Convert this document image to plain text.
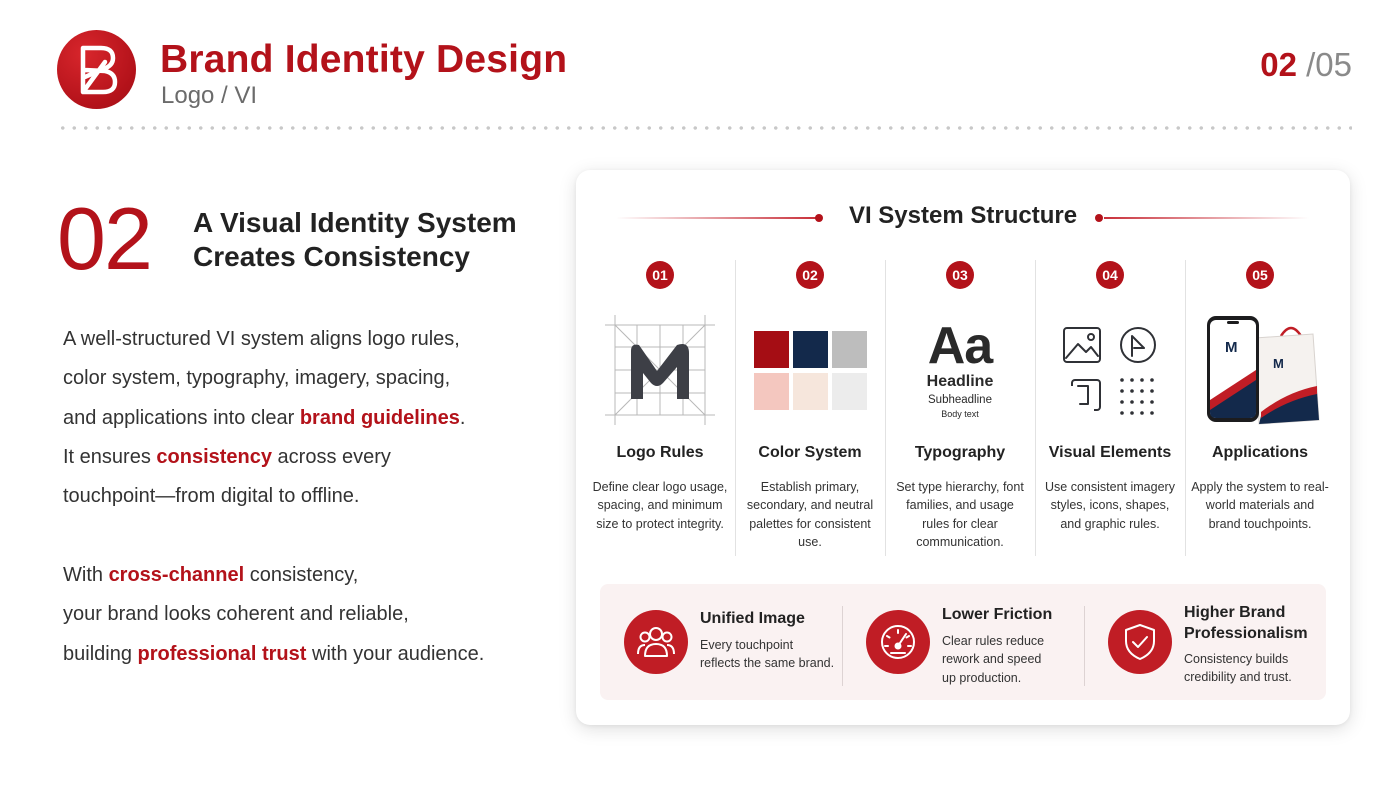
Brand Identity Design
Logo / VI
02 /05
02 A Visual Identity System
Creates Consistency
A well-structured VI system aligns logo rules,
color system, typography, imagery, spacing,
and applications into clear brand guidelines.
It ensures consistency across every
touchpoint—from digital to offline.
With cross-channel consistency,
your brand looks coherent and reliable,
building professional trust with your audience.
VI System Structure
01
Logo Rules
Define clear logo usage, spacing, and minimum size to protect integrity.
02
Color System
Establish primary, secondary, and neutral palettes for consistent use.
03
Aa
Headline
Subheadline
Body text
Typography
Set type hierarchy, font families, and usage rules for clear communication.
04
Visual Elements
Use consistent imagery styles, icons, shapes, and graphic rules.
05
M
M
Applications
Apply the system to real-world materials and brand touchpoints.
Unified Image
Every touchpoint
reflects the same brand.
Lower Friction
Clear rules reduce
rework and speed
up production.
Higher Brand
Professionalism
Consistency builds
credibility and trust.
